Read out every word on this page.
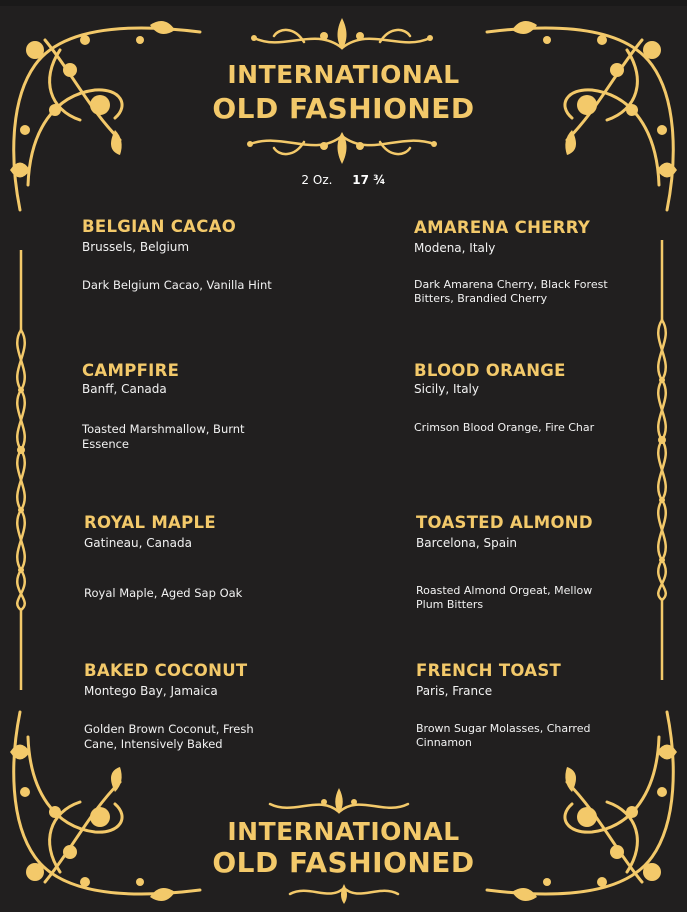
INTERNATIONAL
OLD FASHIONED
2 Oz. 17 ¾
BELGIAN CACAO
Brussels, Belgium
Dark Belgium Cacao, Vanilla Hint
AMARENA CHERRY
Modena, Italy
Dark Amarena Cherry, Black Forest Bitters, Brandied Cherry
CAMPFIRE
Banff, Canada
Toasted Marshmallow, Burnt Essence
BLOOD ORANGE
Sicily, Italy
Crimson Blood Orange, Fire Char
ROYAL MAPLE
Gatineau, Canada
Royal Maple, Aged Sap Oak
TOASTED ALMOND
Barcelona, Spain
Roasted Almond Orgeat, Mellow Plum Bitters
BAKED COCONUT
Montego Bay, Jamaica
Golden Brown Coconut, Fresh Cane, Intensively Baked
FRENCH TOAST
Paris, France
Brown Sugar Molasses, Charred Cinnamon
INTERNATIONAL
OLD FASHIONED
